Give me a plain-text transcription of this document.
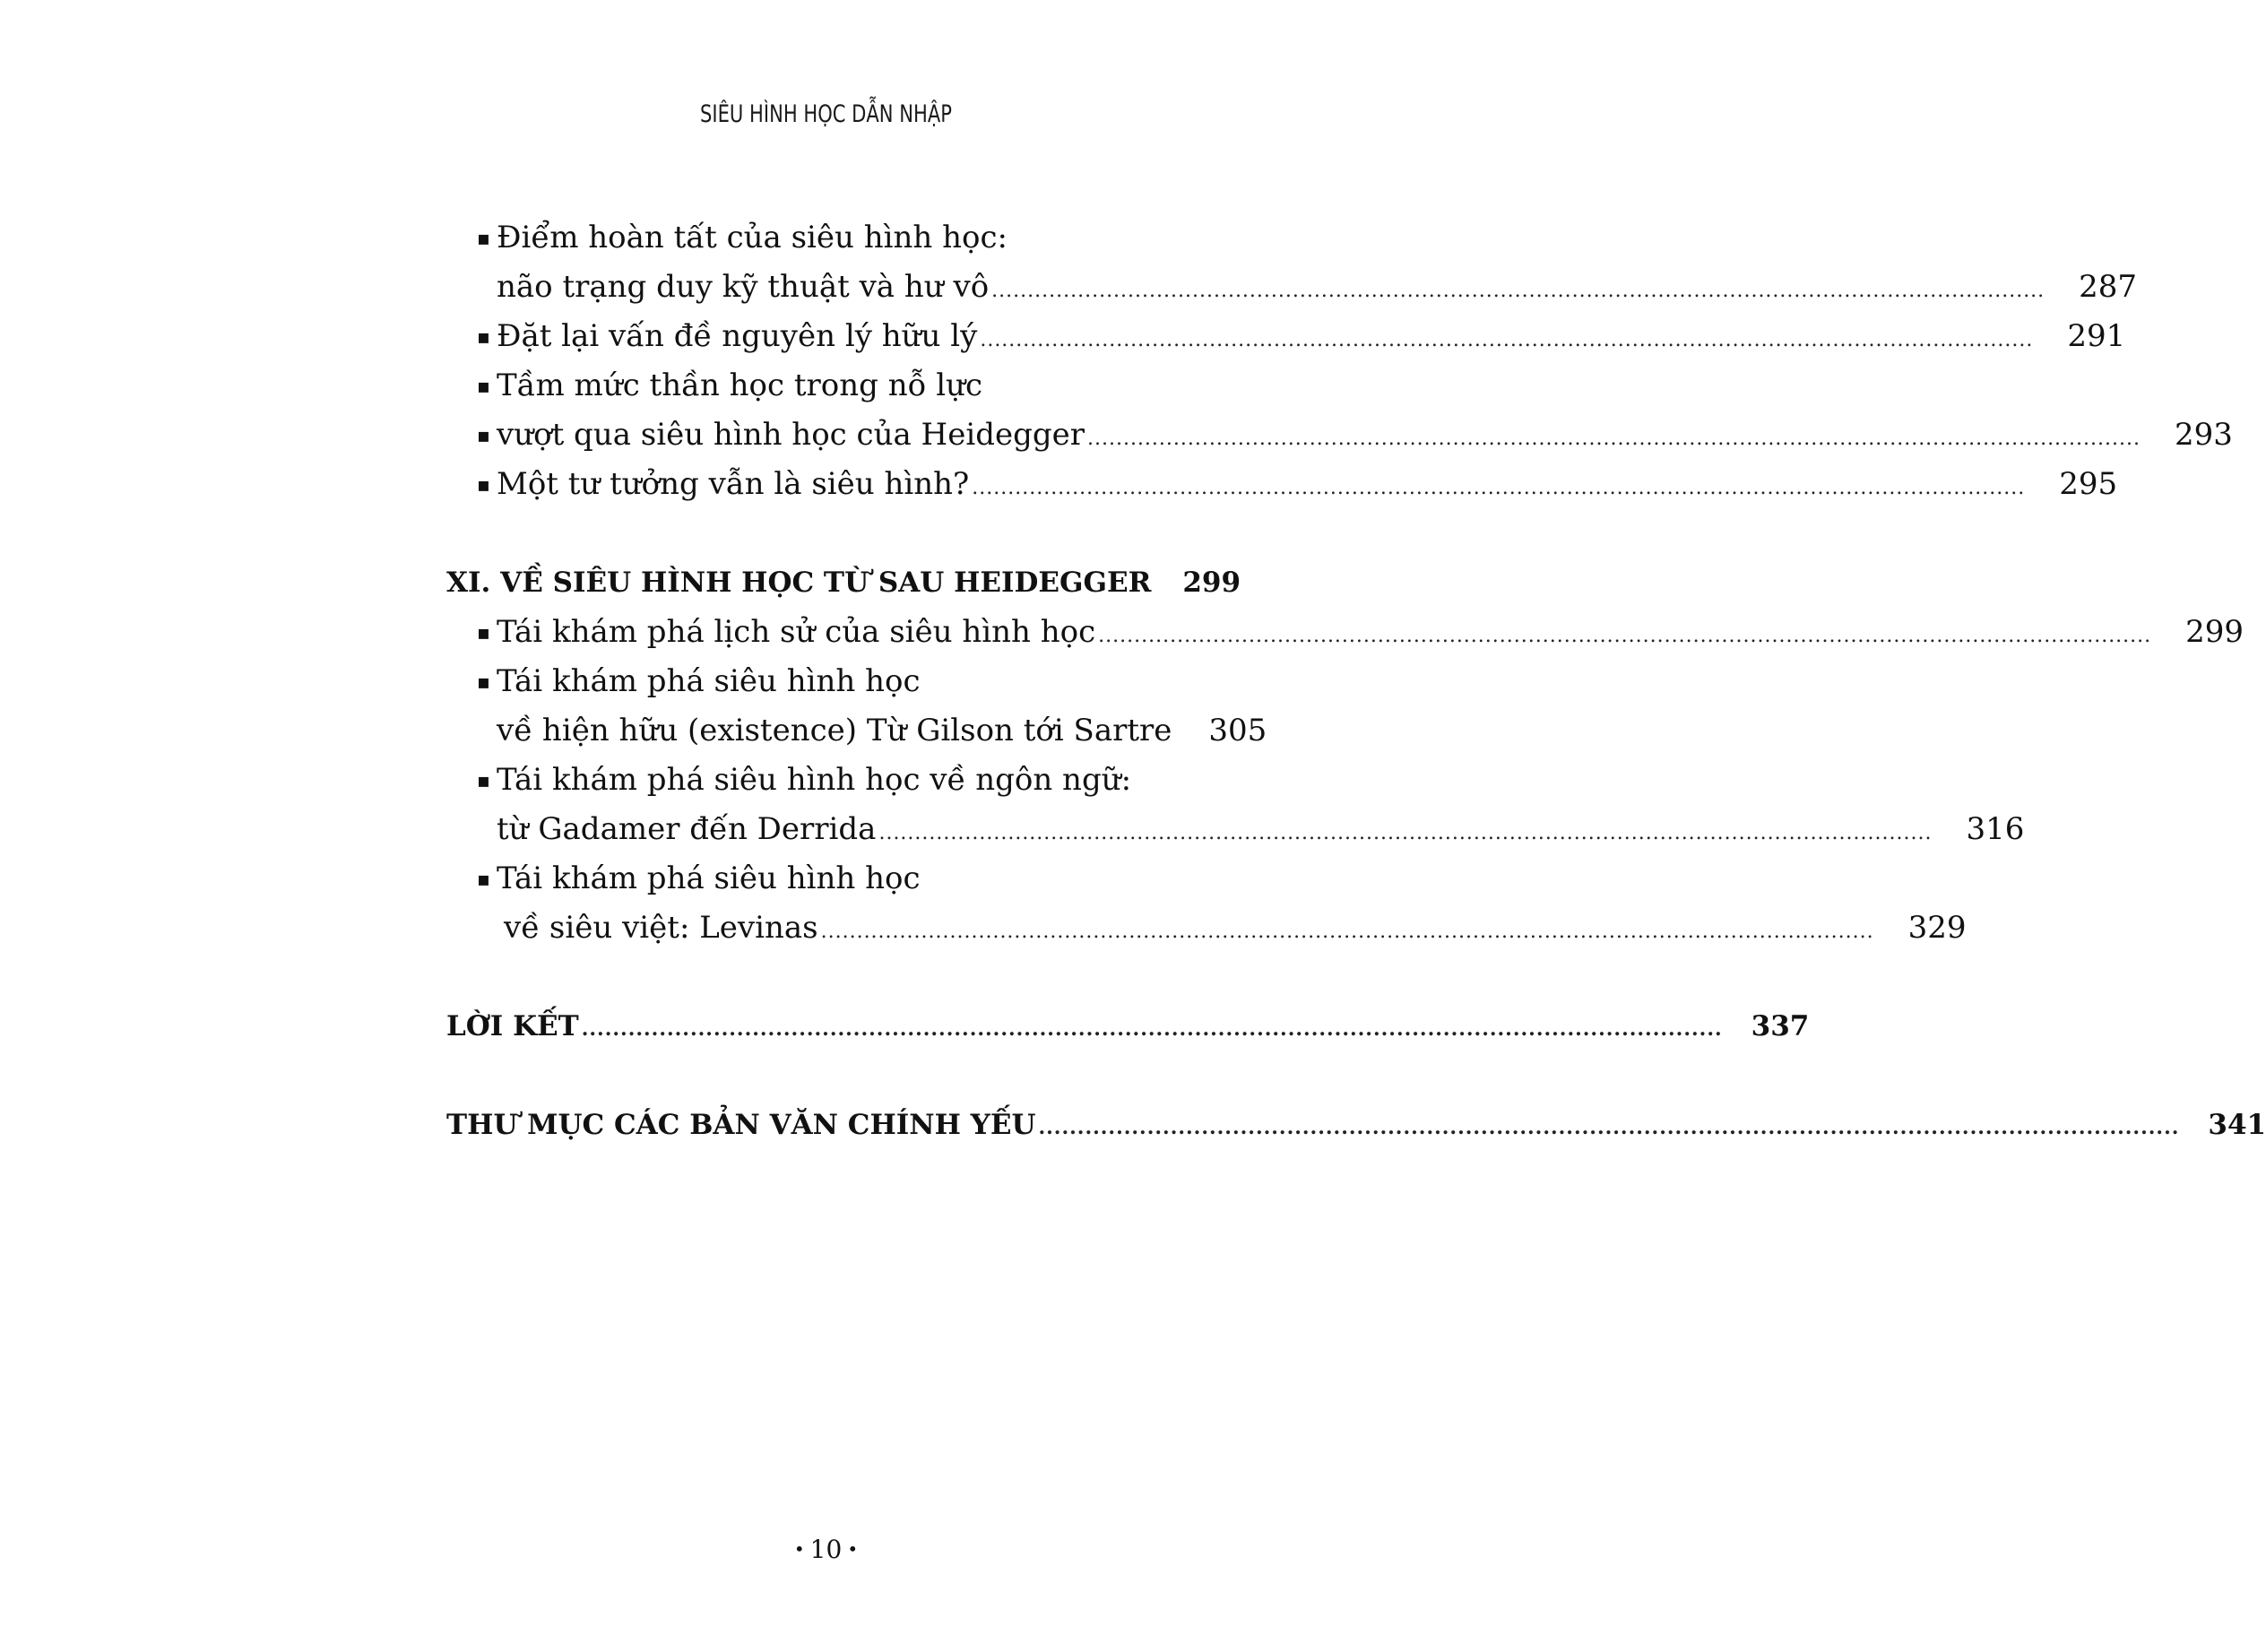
SIÊU HÌNH HỌC DẪN NHẬP
▪ Điểm hoàn tất của siêu hình học:
não trạng duy kỹ thuật và hư vô ................................................................................................................................................... 287
▪ Đặt lại vấn đề nguyên lý hữu lý ................................................................................................................................................... 291
▪ Tầm mức thần học trong nỗ lực
▪ vượt qua siêu hình học của Heidegger ................................................................................................................................................... 293
▪ Một tư tưởng vẫn là siêu hình? ................................................................................................................................................... 295
XI. VỀ SIÊU HÌNH HỌC TỪ SAU HEIDEGGER 299
▪ Tái khám phá lịch sử của siêu hình học ................................................................................................................................................... 299
▪ Tái khám phá siêu hình học
về hiện hữu (existence) Từ Gilson tới Sartre 305
▪ Tái khám phá siêu hình học về ngôn ngữ:
từ Gadamer đến Derrida ................................................................................................................................................... 316
▪ Tái khám phá siêu hình học
về siêu việt: Levinas ................................................................................................................................................... 329
LỜI KẾT ................................................................................................................................................... 337
THƯ MỤC CÁC BẢN VĂN CHÍNH YẾU ................................................................................................................................................... 341
• 10 •
